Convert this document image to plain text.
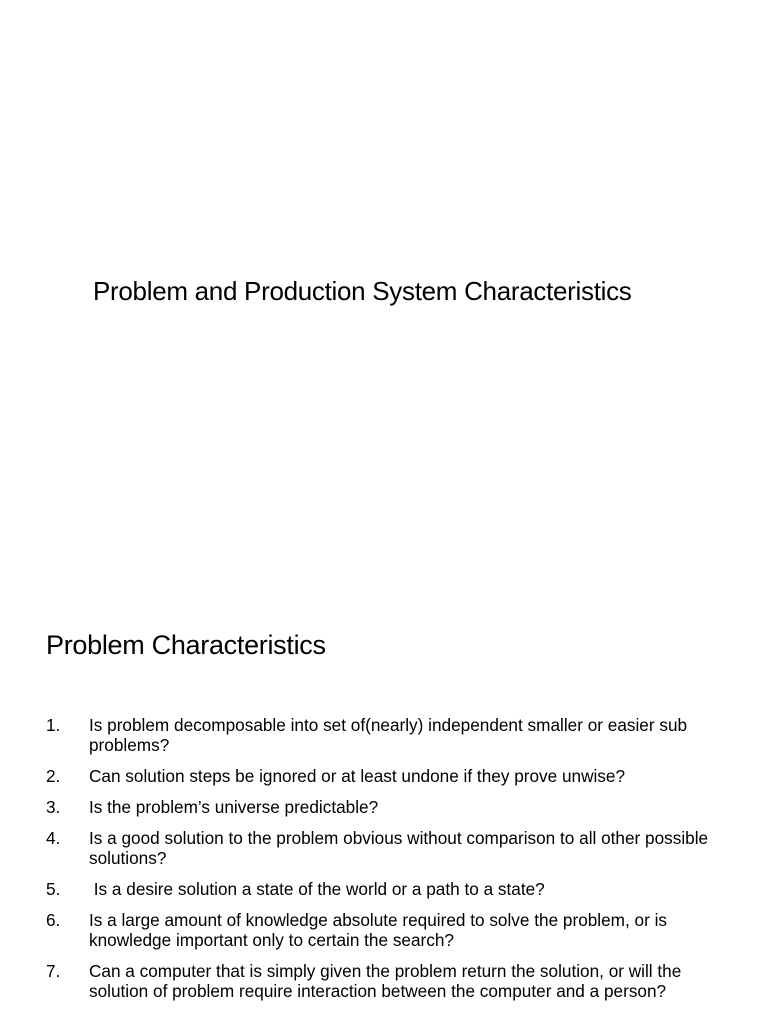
Problem and Production System Characteristics
Problem Characteristics
1.	Is problem decomposable into set of(nearly) independent smaller or easier sub problems?
2.	Can solution steps be ignored or at least undone if they prove unwise?
3.	Is the problem’s universe predictable?
4.	Is a good solution to the problem obvious without comparison to all other possible solutions?
5.	Is a desire solution a state of the world or a path to a state?
6.	Is a large amount of knowledge absolute required to solve the problem, or is knowledge important only to certain the search?
7.	Can a computer that is simply given the problem return the solution, or will the solution of problem require interaction between the computer and a person?
